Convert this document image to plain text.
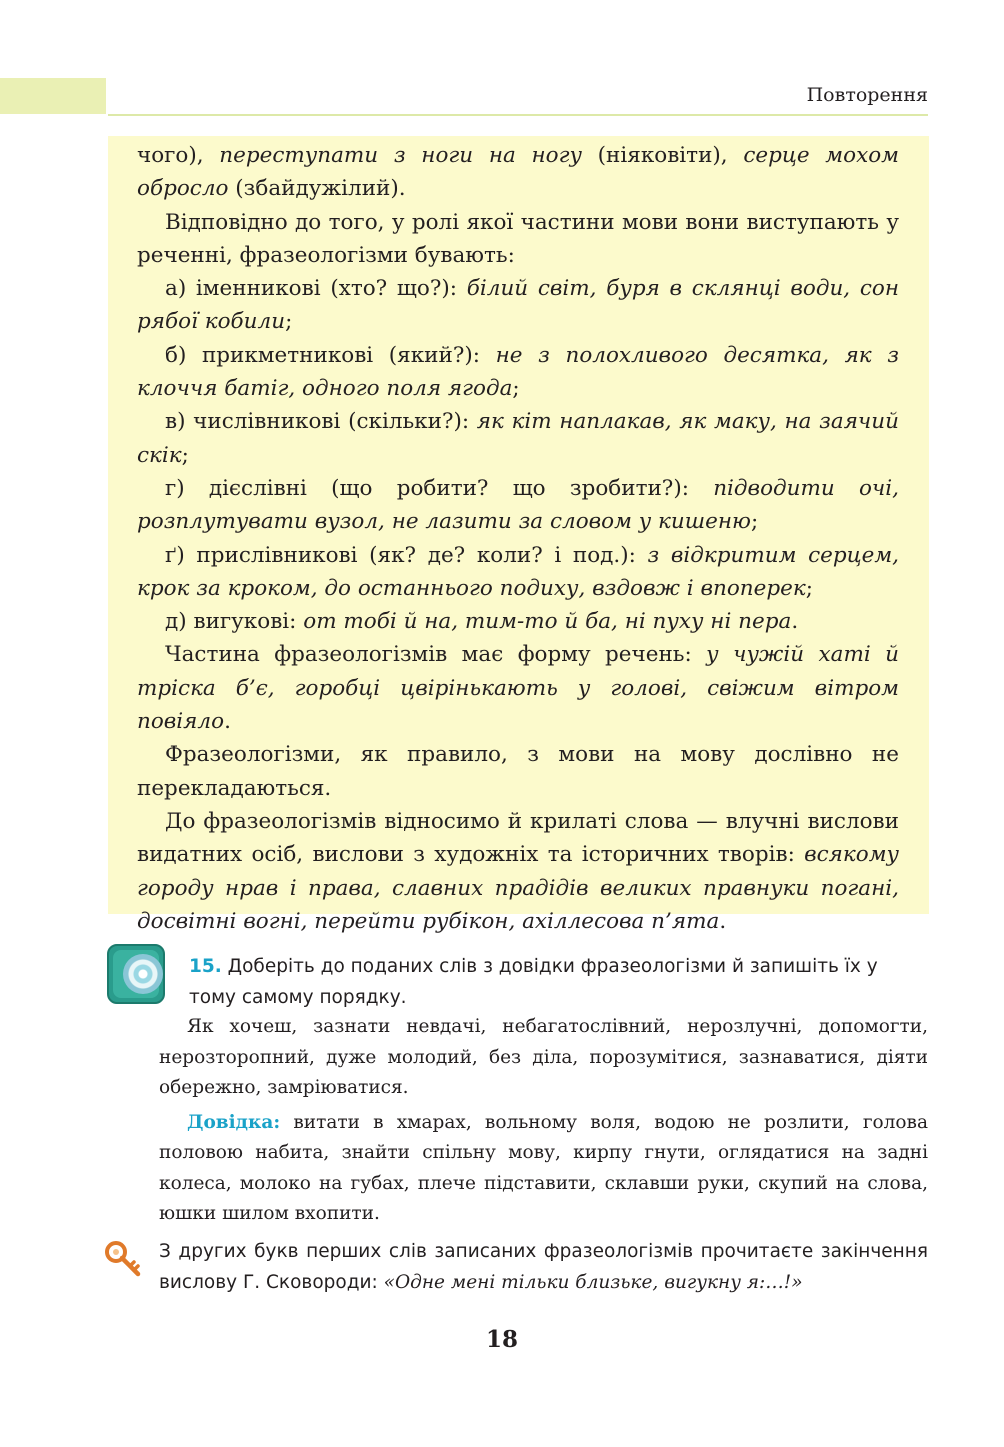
Повторення

чого), переступати з ноги на ногу (ніяковіти), серце мохом обросло (збайдужілий).

Відповідно до того, у ролі якої частини мови вони виступають у реченні, фразеологізми бувають:

а) іменникові (хто? що?): білий світ, буря в склянці води, сон рябої кобили;

б) прикметникові (який?): не з полохливого десятка, як з клоччя батіг, одного поля ягода;

в) числівникові (скільки?): як кіт наплакав, як маку, на заячий скік;

г) дієслівні (що робити? що зробити?): підводити очі, розплутувати вузол, не лазити за словом у кишеню;

ґ) прислівникові (як? де? коли? і под.): з відкритим серцем, крок за кроком, до останнього подиху, вздовж і впоперек;

д) вигукові: от тобі й на, тим-то й ба, ні пуху ні пера.

Частина фразеологізмів має форму речень: у чужій хаті й тріска б’є, горобці цвірінькають у голові, свіжим вітром повіяло.

Фразеологізми, як правило, з мови на мову дослівно не перекладаються.

До фразеологізмів відносимо й крилаті слова — влучні вислови видатних осіб, вислови з художніх та історичних творів: всякому городу нрав і права, славних прадідів великих правнуки погані, досвітні вогні, перейти рубікон, ахіллесова п’ята.

15. Доберіть до поданих слів з довідки фразеологізми й запишіть їх у тому самому порядку.

Як хочеш, зазнати невдачі, небагатослівний, нерозлучні, допомогти, нерозторопний, дуже молодий, без діла, порозумітися, зазнаватися, діяти обережно, замріюватися.

Довідка: витати в хмарах, вольному воля, водою не розлити, голова половою набита, знайти спільну мову, кирпу гнути, оглядатися на задні колеса, молоко на губах, плече підставити, склавши руки, скупий на слова, юшки шилом вхопити.

З других букв перших слів записаних фразеологізмів прочитаєте закінчення вислову Г. Сковороди: «Одне мені тільки близьке, вигукну я:…!»
18
